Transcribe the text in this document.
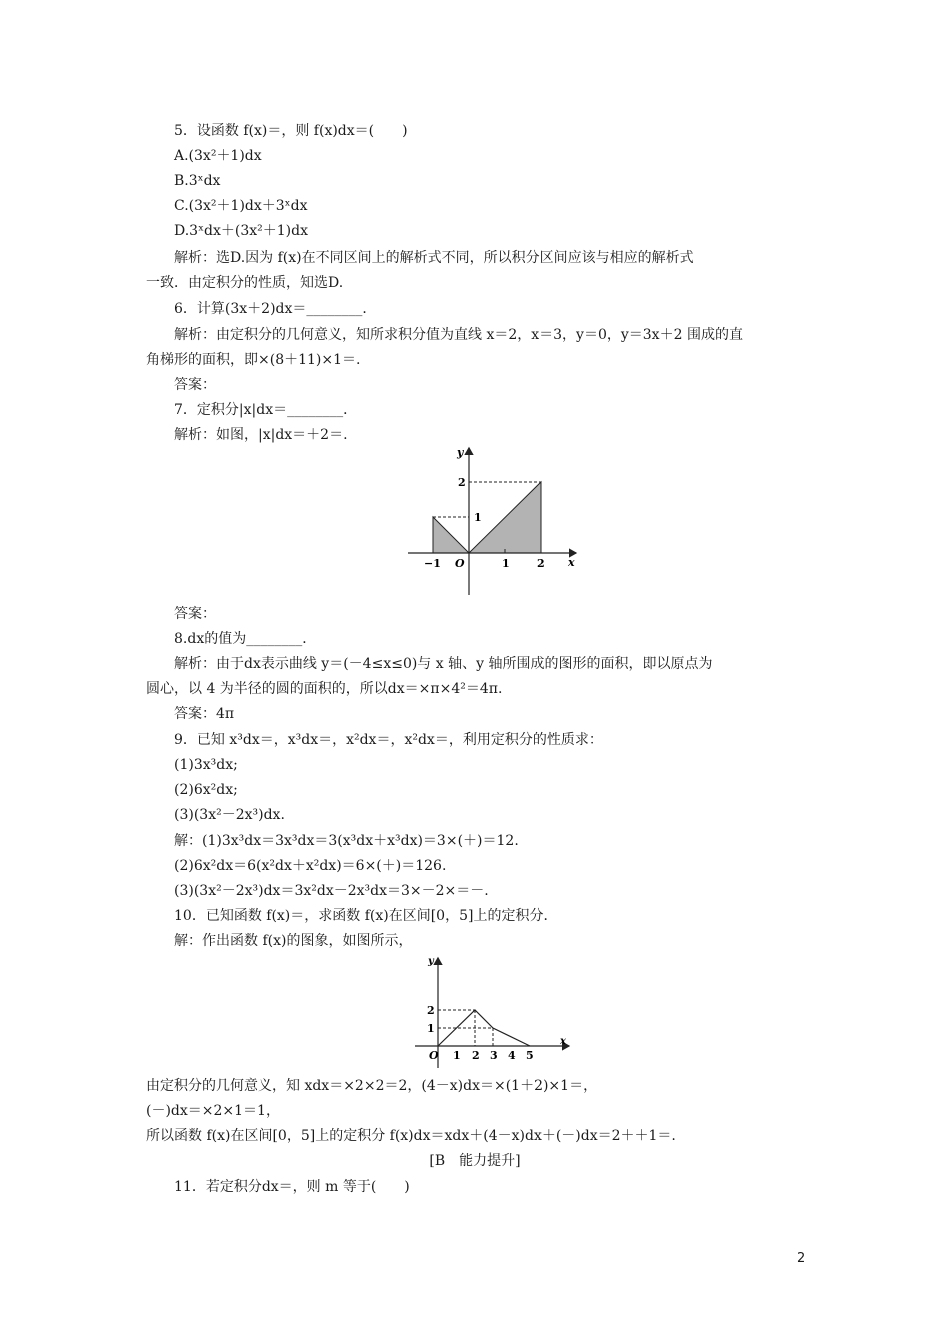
5．设函数 f(x)＝，则 f(x)dx＝(　　)
A.(3x²＋1)dx
B.3ˣdx
C.(3x²＋1)dx＋3ˣdx
D.3ˣdx＋(3x²＋1)dx
解析：选D.因为 f(x)在不同区间上的解析式不同，所以积分区间应该与相应的解析式
一致．由定积分的性质，知选D.
6．计算(3x＋2)dx＝________．
解析：由定积分的几何意义，知所求积分值为直线 x＝2，x＝3，y＝0，y＝3x＋2 围成的直
角梯形的面积，即×(8＋11)×1＝.
答案：
7．定积分|x|dx＝________．
解析：如图，|x|dx＝＋2＝.
y
x
O
−1	1 2
1
2
答案：
8.dx的值为________．
解析：由于dx表示曲线 y＝(－4≤x≤0)与 x 轴、y 轴所围成的图形的面积，即以原点为
圆心，以 4 为半径的圆的面积的，所以dx＝×π×4²＝4π.
答案：4π
9．已知 x³dx＝，x³dx＝，x²dx＝，x²dx＝，利用定积分的性质求：
(1)3x³dx;
(2)6x²dx;
(3)(3x²－2x³)dx.
解：(1)3x³dx＝3x³dx＝3(x³dx＋x³dx)＝3×(＋)＝12.
(2)6x²dx＝6(x²dx＋x²dx)＝6×(＋)＝126.
(3)(3x²－2x³)dx＝3x²dx－2x³dx＝3×－2×＝－.
10．已知函数 f(x)＝，求函数 f(x)在区间[0，5]上的定积分．
解：作出函数 f(x)的图象，如图所示，
y
x
O 1 2 3 4 5
1
2
由定积分的几何意义，知 xdx＝×2×2＝2，(4－x)dx＝×(1＋2)×1＝，
(－)dx＝×2×1＝1，
所以函数 f(x)在区间[0，5]上的定积分 f(x)dx＝xdx＋(4－x)dx＋(－)dx＝2＋＋1＝.
[B　能力提升]
11．若定积分dx＝，则 m 等于(　　)
2
